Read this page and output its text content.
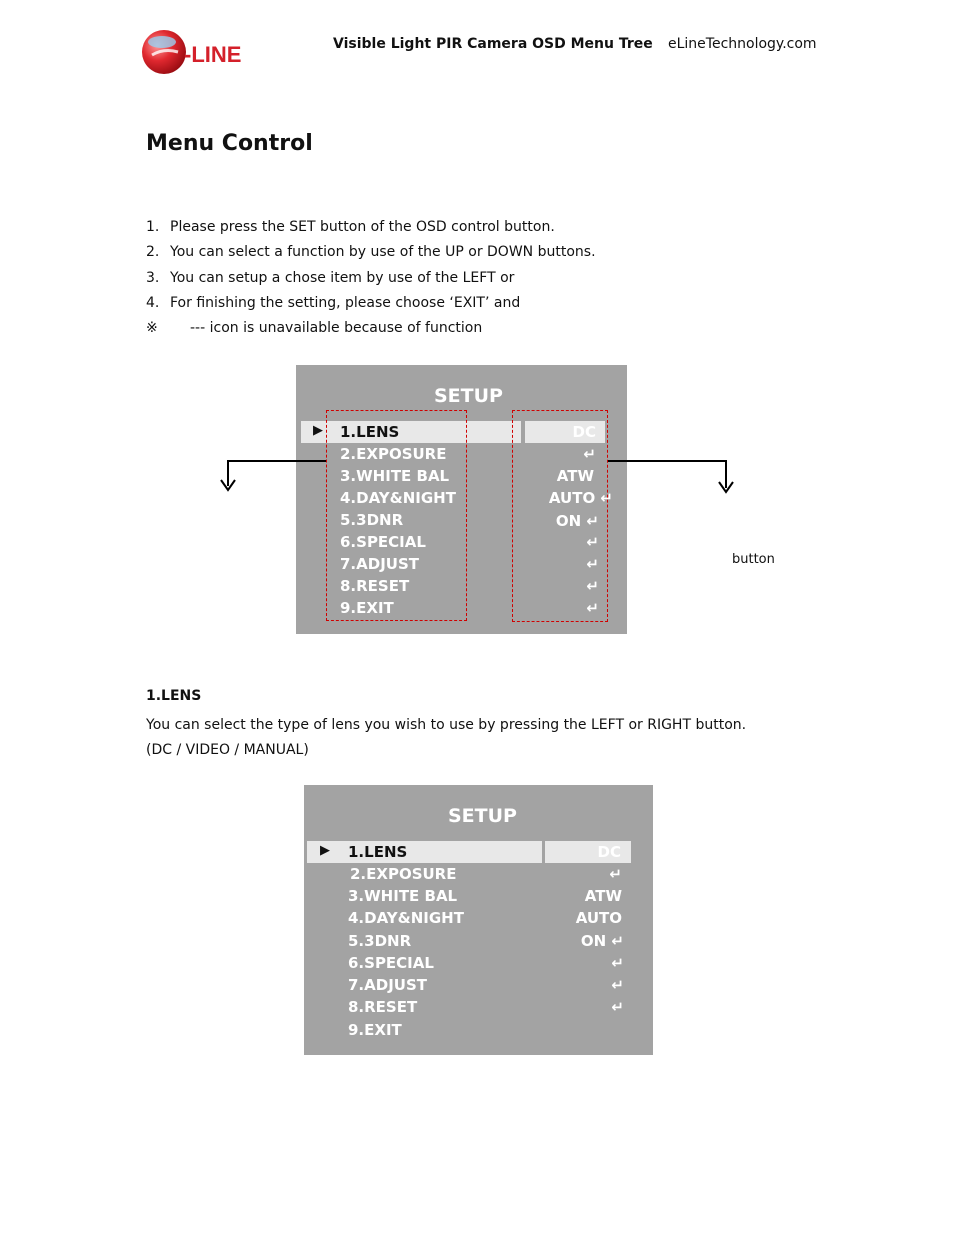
-LINE	Visible Light PIR Camera OSD Menu Tree eLineTechnology.com
Menu Control
1. Please press the SET button of the OSD control button.
2. You can select a function by use of the UP or DOWN buttons.
3. You can setup a chose item by use of the LEFT or
4. For finishing the setting, please choose ‘EXIT’ and
※ --- icon is unavailable because of function
SETUP
▶ 1.LENS
2.EXPOSURE
3.WHITE BAL
4.DAY&NIGHT
5.3DNR
6.SPECIAL
7.ADJUST
8.RESET
9.EXIT
DC
↵
ATW
AUTO ↵
ON ↵
↵
↵
↵
↵
button
1.LENS
You can select the type of lens you wish to use by pressing the LEFT or RIGHT button.
(DC / VIDEO / MANUAL)
SETUP
▶ 1.LENS
2.EXPOSURE
3.WHITE BAL
4.DAY&NIGHT
5.3DNR
6.SPECIAL
7.ADJUST
8.RESET
9.EXIT
DC
↵
ATW
AUTO
ON ↵
↵
↵
↵
